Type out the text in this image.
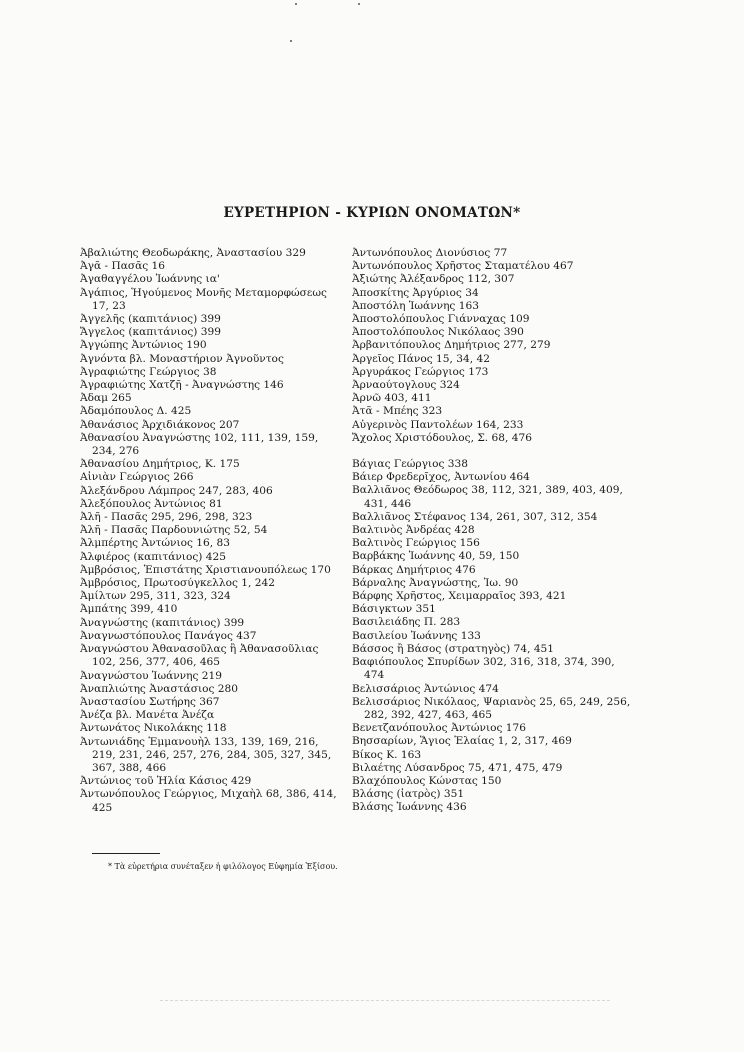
ΕΥΡΕΤΗΡΙΟΝ - ΚΥΡΙΩΝ ΟΝΟΜΑΤΩΝ*
Ἀβαλιώτης Θεοδωράκης, Ἀναστασίου 329
Ἀγᾶ - Πασᾶς 16
Ἀγαθαγγέλου Ἰωάννης ια'
Ἀγάπιος, Ἡγούμενος Μονῆς Μεταμορφώσεως 17, 23
Ἀγγελῆς (καπιτάνιος) 399
Ἄγγελος (καπιτάνιος) 399
Ἀγγώπης Ἀντώνιος 190
Ἀγνόντα βλ. Μοναστήριον Ἀγνοῦντος
Ἀγραφιώτης Γεώργιος 38
Ἀγραφιώτης Χατζῆ - Ἀναγνώστης 146
Ἀδαμ 265
Ἀδαμόπουλος Δ. 425
Ἀθανάσιος Ἀρχιδιάκονος 207
Ἀθανασίου Ἀναγνώστης 102, 111, 139, 159, 234, 276
Ἀθανασίου Δημήτριος, Κ. 175
Αἰνιὰν Γεώργιος 266
Ἀλεξάνδρου Λάμπρος 247, 283, 406
Ἀλεξόπουλος Ἀντώνιος 81
Ἀλῆ - Πασᾶς 295, 296, 298, 323
Ἀλῆ - Πασᾶς Παρδουνιώτης 52, 54
Ἀλμπέρτης Ἀντώνιος 16, 83
Ἀλφιέρος (καπιτάνιος) 425
Ἀμβρόσιος, Ἐπιστάτης Χριστιανουπόλεως 170
Ἀμβρόσιος, Πρωτοσύγκελλος 1, 242
Ἀμίλτων 295, 311, 323, 324
Ἀμπάτης 399, 410
Ἀναγνώστης (καπιτάνιος) 399
Ἀναγνωστόπουλος Πανάγος 437
Ἀναγνώστου Ἀθανασοῦλας ἢ Ἀθανασοῦλιας 102, 256, 377, 406, 465
Ἀναγνώστου Ἰωάννης 219
Ἀναπλιώτης Ἀναστάσιος 280
Ἀναστασίου Σωτήρης 367
Ἀνέζα βλ. Μανέτα Ἀνέζα
Ἀντωνάτος Νικολάκης 118
Ἀντωνιάδης Ἐμμανουὴλ 133, 139, 169, 216, 219, 231, 246, 257, 276, 284, 305, 327, 345, 367, 388, 466
Ἀντώνιος τοῦ Ἠλία Κάσιος 429
Ἀντωνόπουλος Γεώργιος, Μιχαὴλ 68, 386, 414, 425
Ἀντωνόπουλος Διονύσιος 77
Ἀντωνόπουλος Χρῆστος Σταματέλου 467
Ἀξιώτης Ἀλέξανδρος 112, 307
Ἀποσκίτης Ἀργύριος 34
Ἀποστόλη Ἰωάννης 163
Ἀποστολόπουλος Γιάνναχας 109
Ἀποστολόπουλος Νικόλαος 390
Ἀρβανιτόπουλος Δημήτριος 277, 279
Ἀργεῖος Πάνος 15, 34, 42
Ἀργυράκος Γεώργιος 173
Ἀρναούτογλους 324
Ἀρνῶ 403, 411
Ἀτᾶ - Μπέης 323
Αὐγερινὸς Παντολέων 164, 233
Ἄχολος Χριστόδουλος, Σ. 68, 476
Βάγιας Γεώργιος 338
Βάιερ Φρεδερῖχος, Ἀντωνίου 464
Βαλλιᾶνος Θεόδωρος 38, 112, 321, 389, 403, 409, 431, 446
Βαλλιᾶνος Στέφανος 134, 261, 307, 312, 354
Βαλτινὸς Ἀνδρέας 428
Βαλτινὸς Γεώργιος 156
Βαρβάκης Ἰωάννης 40, 59, 150
Βάρκας Δημήτριος 476
Βάρναλης Ἀναγνώστης, Ἰω. 90
Βάρφης Χρῆστος, Χειμαρραῖος 393, 421
Βάσιγκτων 351
Βασιλειάδης Π. 283
Βασιλείου Ἰωάννης 133
Βάσσος ἢ Βάσος (στρατηγὸς) 74, 451
Βαφιόπουλος Σπυρίδων 302, 316, 318, 374, 390, 474
Βελισσάριος Ἀντώνιος 474
Βελισσάριος Νικόλαος, Ψαριανὸς 25, 65, 249, 256, 282, 392, 427, 463, 465
Βενετζανόπουλος Ἀντώνιος 176
Βησσαρίων, Ἅγιος Ἐλαίας 1, 2, 317, 469
Βίκος Κ. 163
Βιλαέτης Λύσανδρος 75, 471, 475, 479
Βλαχόπουλος Κώνστας 150
Βλάσης (ἰατρὸς) 351
Βλάσης Ἰωάννης 436
* Τὰ εὑρετήρια συνέταξεν ἡ φιλόλογος Εὐφημία Ἐξίσου.
